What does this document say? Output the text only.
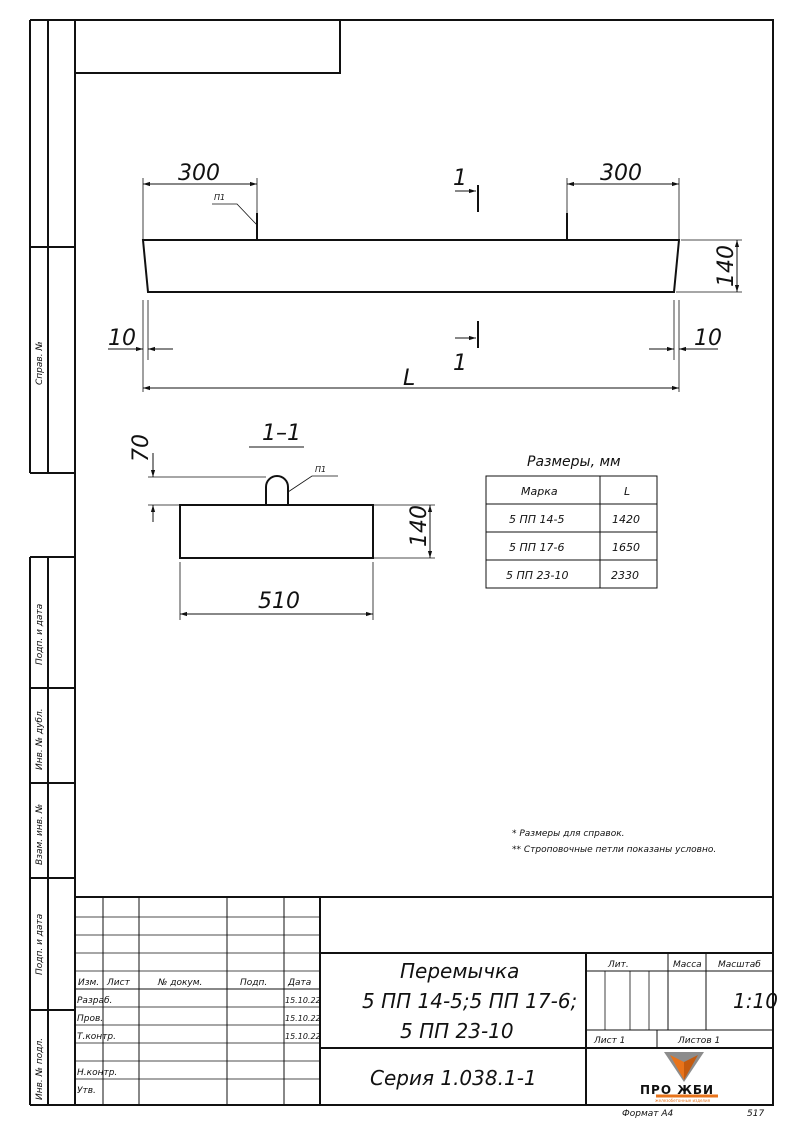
Справ. №
Подп. и дата
Инв. № дубл.
Взам. инв. №
Подп. и дата
Инв. № подл.
300	300
П1
1
1
140
10	10
L
1–1
П1
70
140
510
Размеры, мм
Марка	L
5 ПП 14-5	1420
5 ПП 17-6	1650
5 ПП 23-10	2330
* Размеры для справок.
** Строповочные петли показаны условно.
Изм. Лист	№ докум.	Подп. Дата
Разраб.	15.10.22
Пров.	15.10.22
Т.контр.	15.10.22
Н.контр.
Утв.
Лит.	Масса Масштаб
1:10
Лист 1	Листов 1
Перемычка
5 ПП 14-5;5 ПП 17-6;
5 ПП 23-10
Серия 1.038.1-1	ПРО ЖБИ
железобетонные изделия
Формат А4	517
